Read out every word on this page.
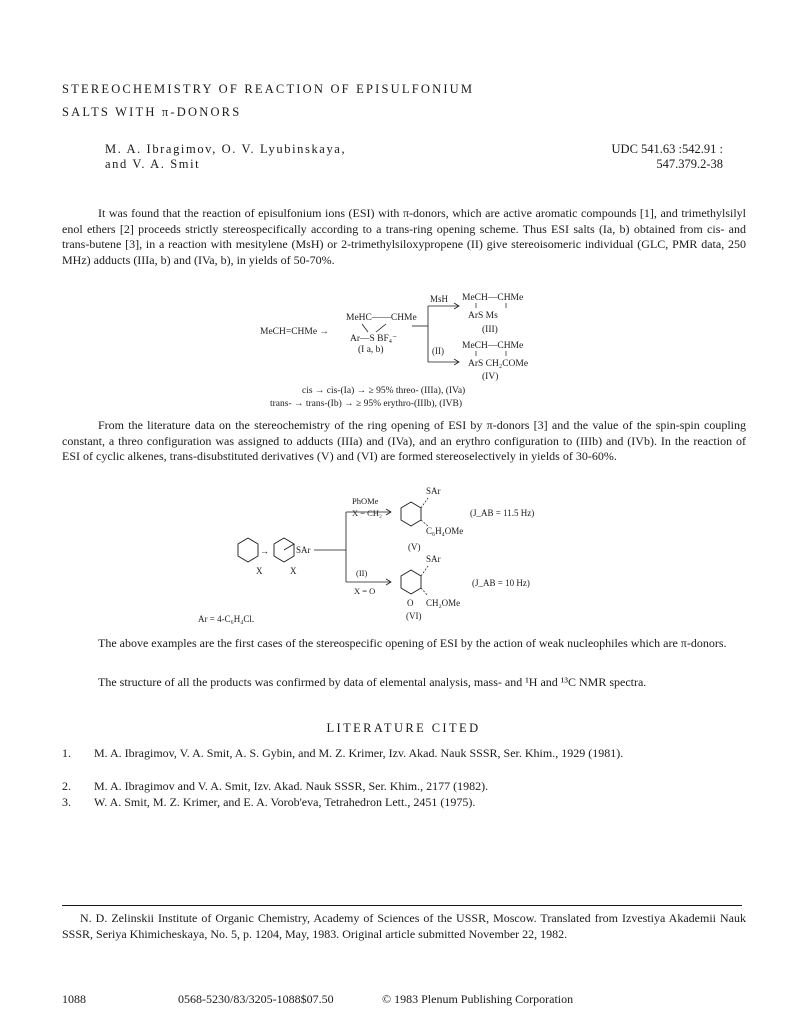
STEREOCHEMISTRY OF REACTION OF EPISULFONIUM
SALTS WITH π-DONORS
M. A. Ibragimov, O. V. Lyubinskaya,
and V. A. Smit
UDC 541.63 :542.91 :
547.379.2-38

It was found that the reaction of episulfonium ions (ESI) with π-donors, which are active aromatic compounds [1], and trimethylsilyl enol ethers [2] proceeds strictly stereospecifically according to a trans-ring opening scheme. Thus ESI salts (Ia, b) obtained from cis- and trans-butene [3], in a reaction with mesitylene (MsH) or 2-trimethylsiloxypropene (II) give stereoisomeric individual (GLC, PMR data, 250 MHz) adducts (IIIa, b) and (IVa, b), in yields of 50-70%.

MeCH=CHMe →
MeHC——CHMe
Ar—S BF₄⁻
(I a, b)
MsH MeCH—CHMe
ArS Ms
(III)
(II) MeCH—CHMe
ArS CH₂COMe
(IV)
cis → cis-(Ia) → ≥ 95% threo- (IIIa), (IVa)
trans- → trans-(Ib) → ≥ 95% erythro-(IIIb), (IVB)

From the literature data on the stereochemistry of the ring opening of ESI by π-donors [3] and the value of the spin-spin coupling constant, a threo configuration was assigned to adducts (IIIa) and (IVa), and an erythro configuration to (IIIb) and (IVb). In the reaction of ESI of cyclic alkenes, trans-disubstituted derivatives (V) and (VI) are formed stereoselectively in yields of 30-60%.

→	SAr
X	X
PhOMe
X = CH₂
SAr
C₆H₄OMe
(V)
(J_AB = 11.5 Hz)
(II)
X = O
SAr
O CH₂OMe
(VI)
(J_AB = 10 Hz)
Ar = 4-C₆H₄Cl.

The above examples are the first cases of the stereospecific opening of ESI by the action of weak nucleophiles which are π-donors.

The structure of all the products was confirmed by data of elemental analysis, mass- and ¹H and ¹³C NMR spectra.

LITERATURE CITED
1. M. A. Ibragimov, V. A. Smit, A. S. Gybin, and M. Z. Krimer, Izv. Akad. Nauk SSSR, Ser. Khim., 1929 (1981).
2. M. A. Ibragimov and V. A. Smit, Izv. Akad. Nauk SSSR, Ser. Khim., 2177 (1982).
3. W. A. Smit, M. Z. Krimer, and E. A. Vorob'eva, Tetrahedron Lett., 2451 (1975).
N. D. Zelinskii Institute of Organic Chemistry, Academy of Sciences of the USSR, Moscow. Translated from Izvestiya Akademii Nauk SSSR, Seriya Khimicheskaya, No. 5, p. 1204, May, 1983. Original article submitted November 22, 1982.
1088	0568-5230/83/3205-1088$07.50	© 1983 Plenum Publishing Corporation
